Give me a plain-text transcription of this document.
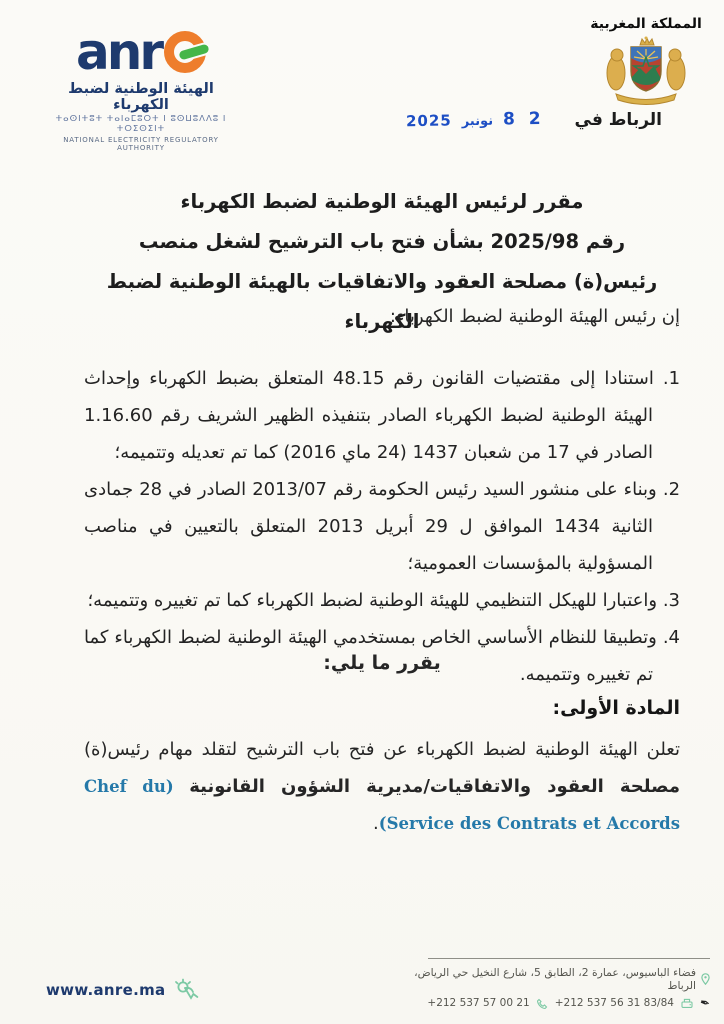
anr
الهيئة الوطنية لضبط الكهرباء
ⵜⴰⵙⵏⵜⵓⵜ ⵜⴰⵏⴰⵎⵓⵔⵜ ⵏ ⵓⵙⵡⵓⴷⴷⵓ ⵏ ⵜⵔⵉⵙⵉⵏⵜ
NATIONAL ELECTRICITY REGULATORY AUTHORITY
المملكة المغربية
الرباط في
2 8
نونبر
2025
مقرر لرئيس الهيئة الوطنية لضبط الكهرباء
رقم 2025/98 بشأن فتح باب الترشيح لشغل منصب
رئيس(ة) مصلحة العقود والاتفاقيات بالهيئة الوطنية لضبط الكهرباء
إن رئيس الهيئة الوطنية لضبط الكهرباء:
1. استنادا إلى مقتضيات القانون رقم 48.15 المتعلق بضبط الكهرباء وإحداث الهيئة الوطنية لضبط الكهرباء الصادر بتنفيذه الظهير الشريف رقم 1.16.60 الصادر في 17 من شعبان 1437 (24 ماي 2016) كما تم تعديله وتتميمه؛
2. وبناء على منشور السيد رئيس الحكومة رقم 2013/07 الصادر في 28 جمادى الثانية 1434 الموافق ل 29 أبريل 2013 المتعلق بالتعيين في مناصب المسؤولية بالمؤسسات العمومية؛
3. واعتبارا للهيكل التنظيمي للهيئة الوطنية لضبط الكهرباء كما تم تغييره وتتميمه؛
4. وتطبيقا للنظام الأساسي الخاص بمستخدمي الهيئة الوطنية لضبط الكهرباء كما تم تغييره وتتميمه.
يقرر ما يلي:
المادة الأولى:
تعلن الهيئة الوطنية لضبط الكهرباء عن فتح باب الترشيح لتقلد مهام رئيس(ة) مصلحة العقود والاتفاقيات/مديرية الشؤون القانونية (Chef du Service des Contrats et Accords).
www.anre.ma
فضاء الباسيوس، عمارة 2، الطابق 5، شارع النخيل حي الرياض، الرباط
+212 537 57 00 21 +212 537 56 31 83/84 ✒
